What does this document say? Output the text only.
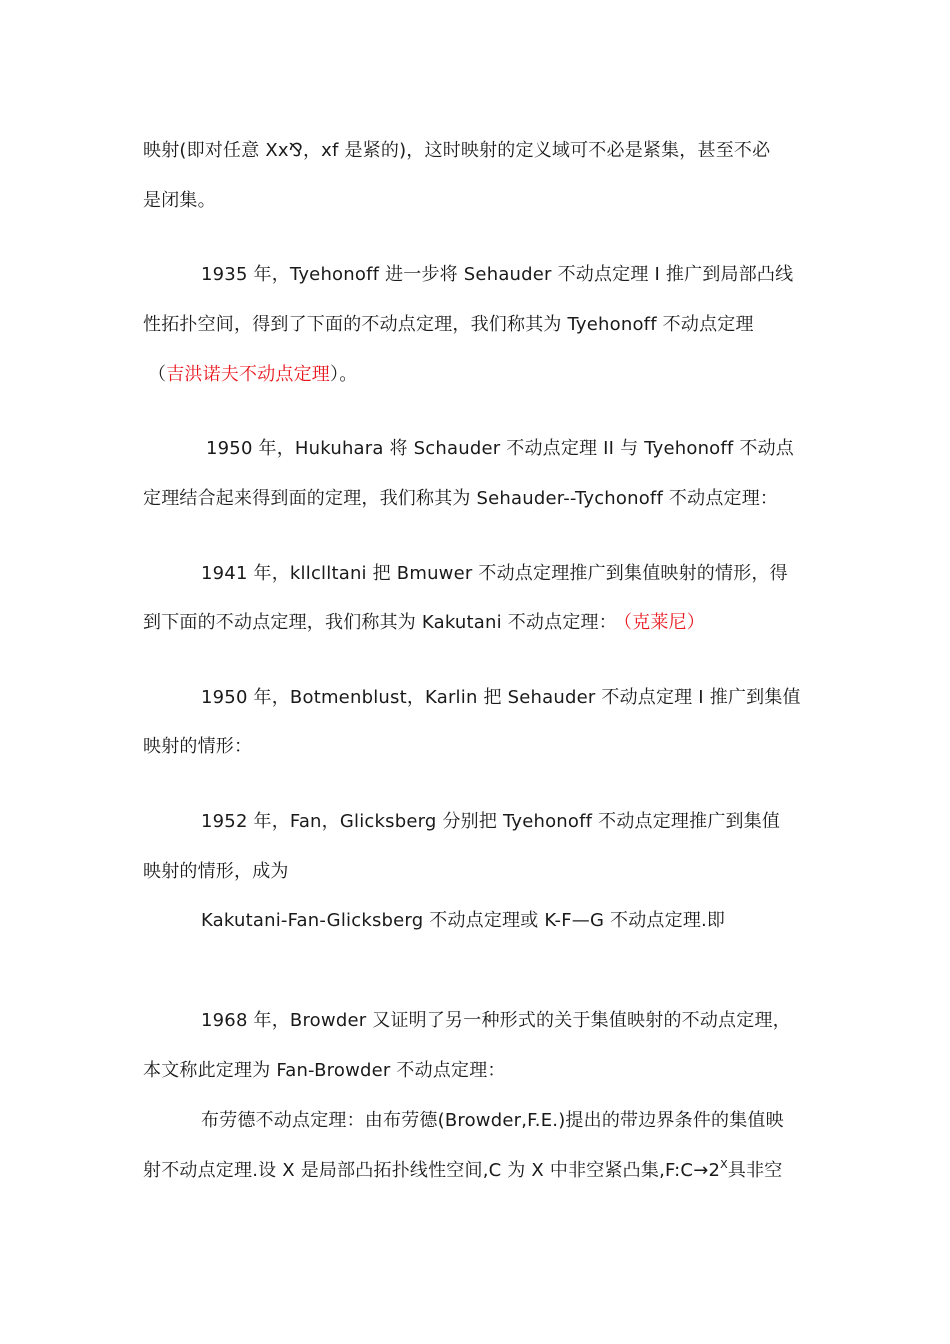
映射(即对任意 Xx⅋，xf 是紧的)，这时映射的定义域可不必是紧集，甚至不必
是闭集。
1935 年，Tyehonoff 进一步将 Sehauder 不动点定理 I 推广到局部凸线
性拓扑空间，得到了下面的不动点定理，我们称其为 Tyehonoff 不动点定理
（吉洪诺夫不动点定理）。
1950 年，Hukuhara 将 Schauder 不动点定理 II 与 Tyehonoff 不动点
定理结合起来得到面的定理，我们称其为 Sehauder--Tychonoff 不动点定理：
1941 年，kllclltani 把 Bmuwer 不动点定理推广到集值映射的情形，得
到下面的不动点定理，我们称其为 Kakutani 不动点定理： （克莱尼）
1950 年，Botmenblust，Karlin 把 Sehauder 不动点定理 I 推广到集值
映射的情形：
1952 年，Fan，Glicksberg 分别把 Tyehonoff 不动点定理推广到集值
映射的情形，成为
Kakutani-Fan-Glicksberg 不动点定理或 K-F—G 不动点定理.即
1968 年，Browder 又证明了另一种形式的关于集值映射的不动点定理，
本文称此定理为 Fan-Browder 不动点定理：
布劳德不动点定理：由布劳德(Browder,F.E.)提出的带边界条件的集值映
射不动点定理.设 X 是局部凸拓扑线性空间,C 为 X 中非空紧凸集$,F:C\to 2^X$具非空
